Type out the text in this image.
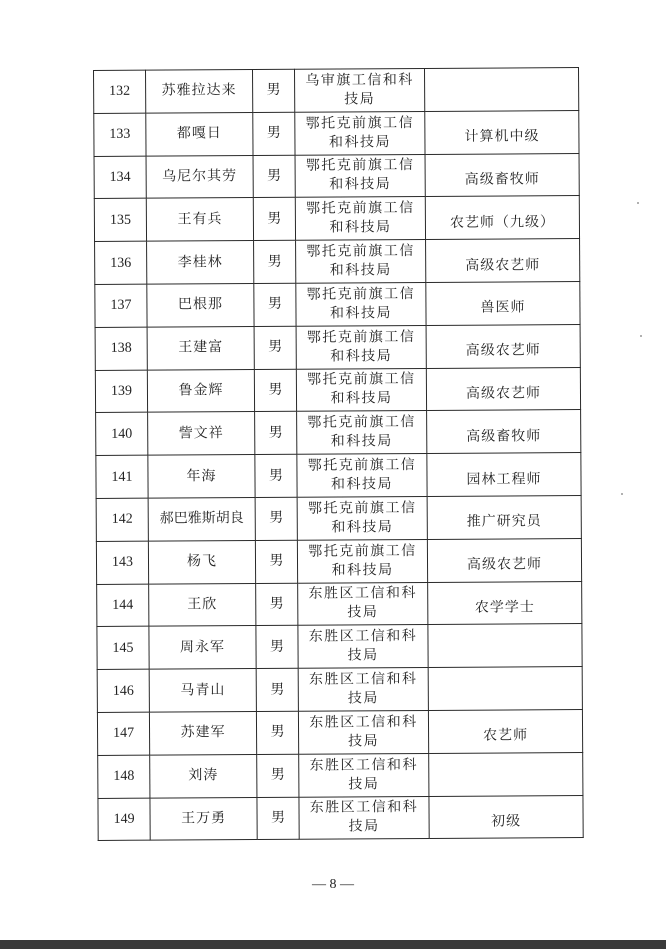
132	苏雅拉达来	男	乌审旗工信和科
技局	
133	都嘎日	男	鄂托克前旗工信
和科技局	计算机中级
134	乌尼尔其劳	男	鄂托克前旗工信
和科技局	高级畜牧师
135	王有兵	男	鄂托克前旗工信
和科技局	农艺师（九级）
136	李桂林	男	鄂托克前旗工信
和科技局	高级农艺师
137	巴根那	男	鄂托克前旗工信
和科技局	兽医师
138	王建富	男	鄂托克前旗工信
和科技局	高级农艺师
139	鲁金辉	男	鄂托克前旗工信
和科技局	高级农艺师
140	訾文祥	男	鄂托克前旗工信
和科技局	高级畜牧师
141	年海	男	鄂托克前旗工信
和科技局	园林工程师
142	郝巴雅斯胡良	男	鄂托克前旗工信
和科技局	推广研究员
143	杨飞	男	鄂托克前旗工信
和科技局	高级农艺师
144	王欣	男	东胜区工信和科
技局	农学学士
145	周永军	男	东胜区工信和科
技局	
146	马青山	男	东胜区工信和科
技局	
147	苏建军	男	东胜区工信和科
技局	农艺师
148	刘涛	男	东胜区工信和科
技局	
149	王万勇	男	东胜区工信和科
技局	初级
— 8 —
